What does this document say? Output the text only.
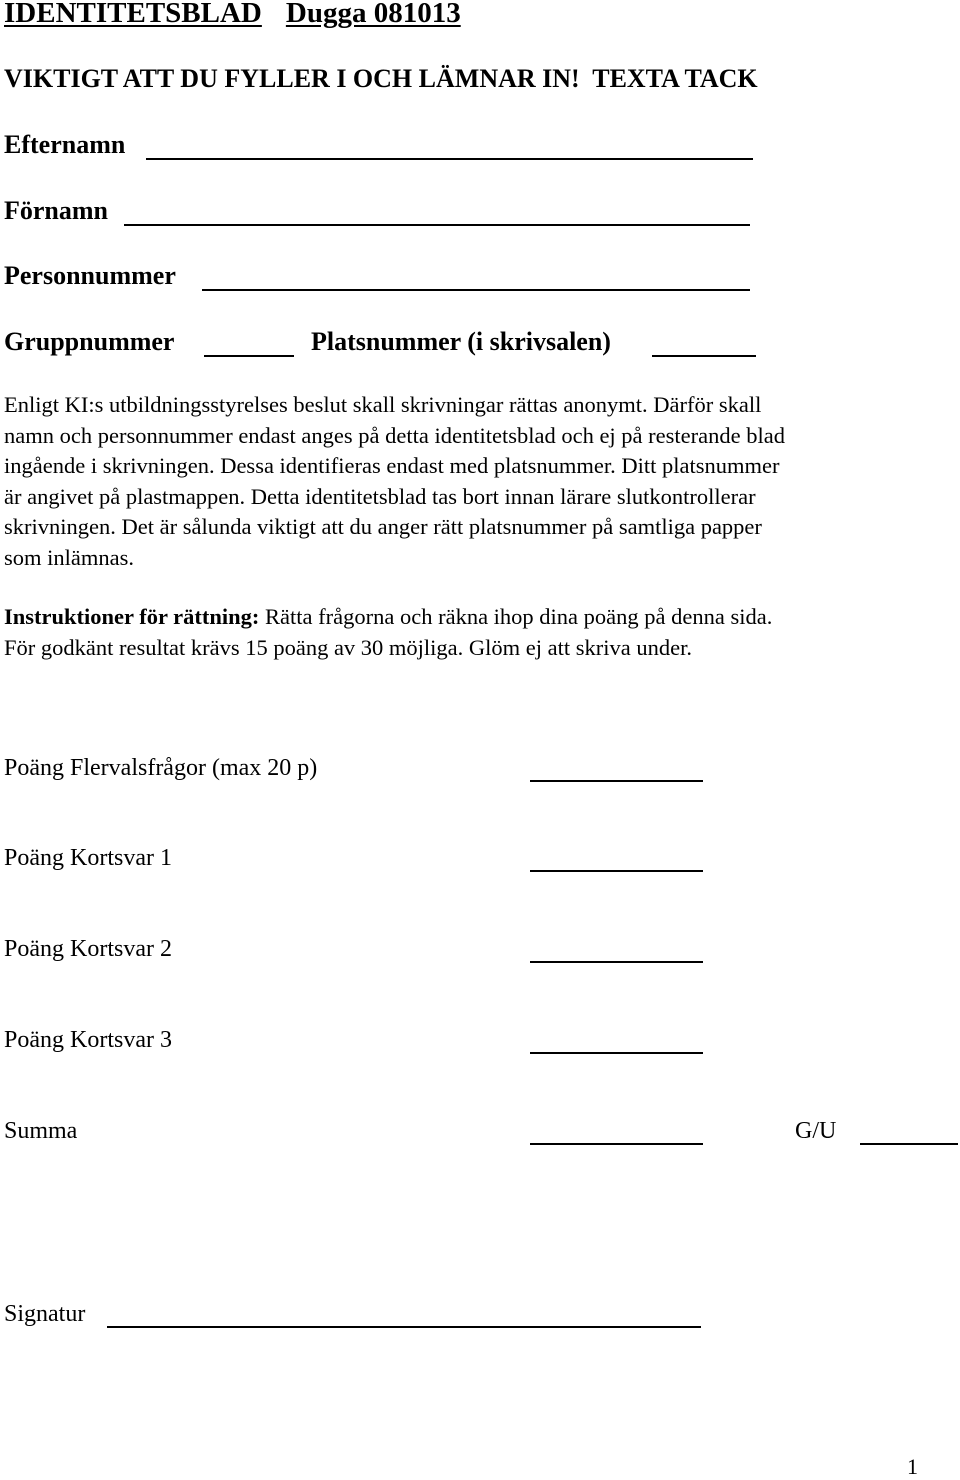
IDENTITETSBLAD Dugga 081013
VIKTIGT ATT DU FYLLER I OCH LÄMNAR IN!  TEXTA TACK
Efternamn
Förnamn
Personnummer
Gruppnummer	Platsnummer (i skrivsalen)
Enligt KI:s utbildningsstyrelses beslut skall skrivningar rättas anonymt. Därför skall
namn och personnummer endast anges på detta identitetsblad och ej på resterande blad
ingående i skrivningen. Dessa identifieras endast med platsnummer. Ditt platsnummer
är angivet på plastmappen. Detta identitetsblad tas bort innan lärare slutkontrollerar
skrivningen. Det är sålunda viktigt att du anger rätt platsnummer på samtliga papper
som inlämnas.
Instruktioner för rättning: Rätta frågorna och räkna ihop dina poäng på denna sida.
För godkänt resultat krävs 15 poäng av 30 möjliga. Glöm ej att skriva under.
Poäng Flervalsfrågor (max 20 p)
Poäng Kortsvar 1
Poäng Kortsvar 2
Poäng Kortsvar 3
Summa	G/U
Signatur
1
